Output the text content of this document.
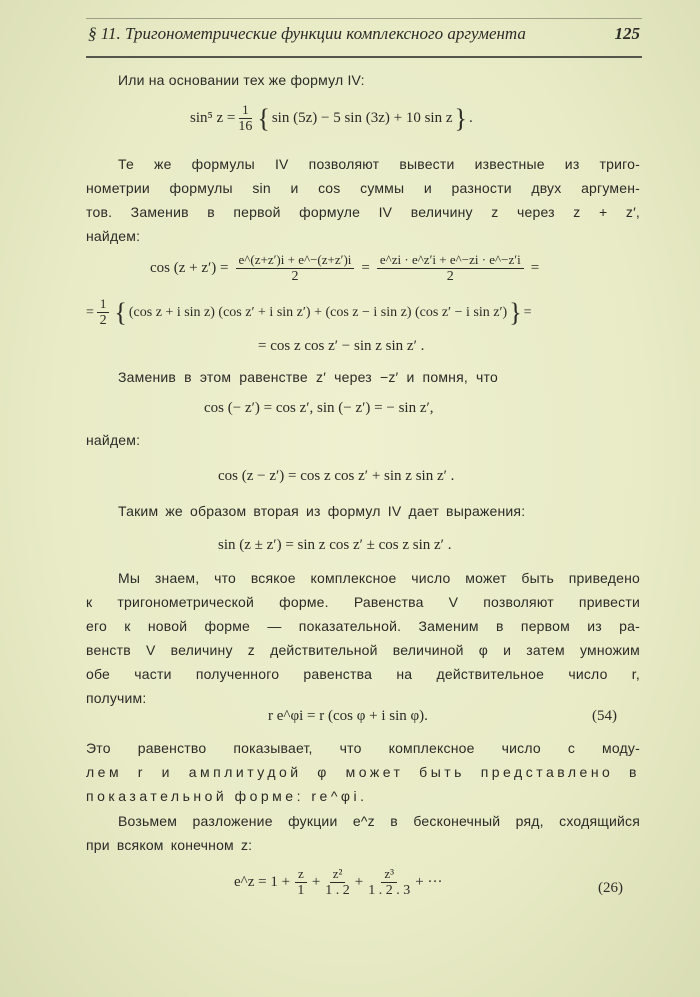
§ 11. Тригонометрические функции комплексного аргумента	125
Или на основании тех же формул IV:
sin⁵ $z = \frac{1}{16}$ { sin (5z) − 5 sin (3z) + 10 sin z } .
Те же формулы IV позволяют вывести известные из триго-
нометрии формулы sin и cos суммы и разности двух аргумен-
тов. Заменив в первой формуле IV величину z через z + z′,
найдем:
$\cos (z + z') = \frac{e\^{}(z+z')i + e\^{}-(z+z')i}{2} = \frac{e\^{}zi \cdot e\^{}z'i + e\^{}-zi \cdot e\^{}-z'i}{2}$ =
= $\frac{1}{2}$ { (cos z + i sin z) (cos z′ + i sin z′) + (cos z − i sin z) (cos z′ − i sin z′) } =
= cos z cos z′ − sin z sin z′ .
Заменив в этом равенстве z′ через −z′ и помня, что
cos (− z′) = cos z′, sin (− z′) = − sin z′,
найдем:
cos (z − z′) = cos z cos z′ + sin z sin z′ .
Таким же образом вторая из формул IV дает выражения:
sin (z ± z′) = sin z cos z′ ± cos z sin z′ .
Мы знаем, что всякое комплексное число может быть приведено
к тригонометрической форме. Равенства V позволяют привести
его к новой форме — показательной. Заменим в первом из ра-
венств V величину z действительной величиной φ и затем умножим
обе части полученного равенства на действительное число r,
получим:
r e^φi = r (cos φ + i sin φ).	(54)
Это равенство показывает, что комплексное число с моду-
лем r и амплитудой φ может быть представлено в
показательной форме: re^φi.
Возьмем разложение фукции e^z в бесконечный ряд, сходящийся
при всяком конечном z:
e^z = $1 + \frac{z}{1} + \frac{\text{z²}}{1 . 2} + \frac{\text{z³}}{1 . 2 . 3}$ + ···	(26)
